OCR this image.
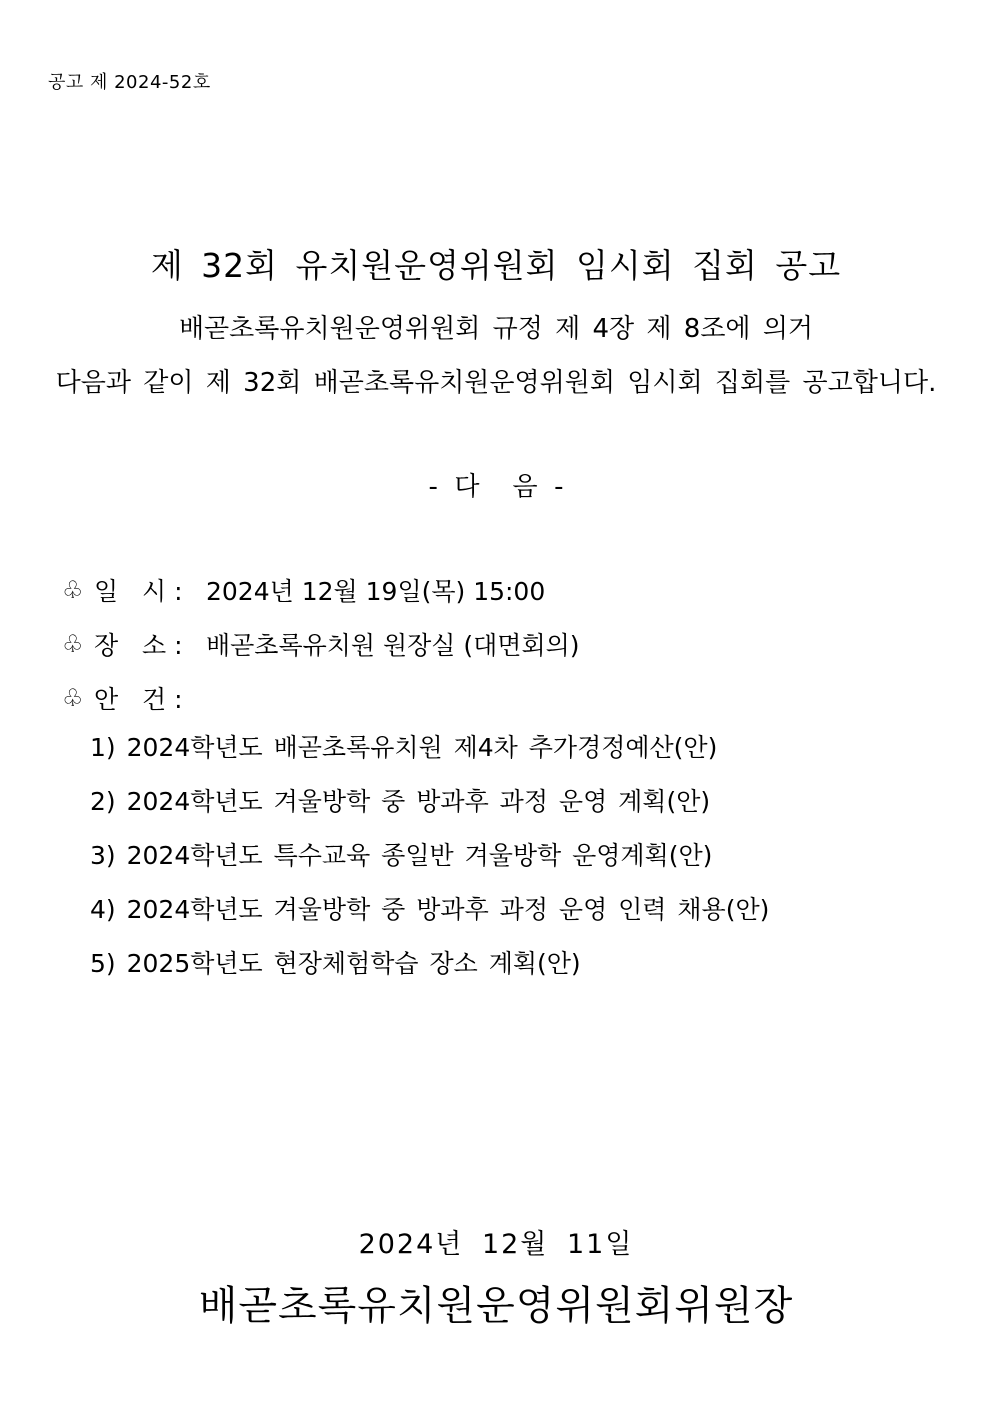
공고 제 2024-52호
제 32회 유치원운영위원회 임시회 집회 공고
배곧초록유치원운영위원회 규정 제 4장 제 8조에 의거
다음과 같이 제 32회 배곧초록유치원운영위원회 임시회 집회를 공고합니다.
-  다    음  -
♧ 일   시 : 2024년 12월 19일(목) 15:00
♧ 장   소 : 배곧초록유치원 원장실 (대면회의)
♧ 안   건 :
1) 2024학년도 배곧초록유치원 제4차 추가경정예산(안)
2) 2024학년도 겨울방학 중 방과후 과정 운영 계획(안)
3) 2024학년도 특수교육 종일반 겨울방학 운영계획(안)
4) 2024학년도 겨울방학 중 방과후 과정 운영 인력 채용(안)
5) 2025학년도 현장체험학습 장소 계획(안)
2024년 12월 11일
배곧초록유치원운영위원회위원장
